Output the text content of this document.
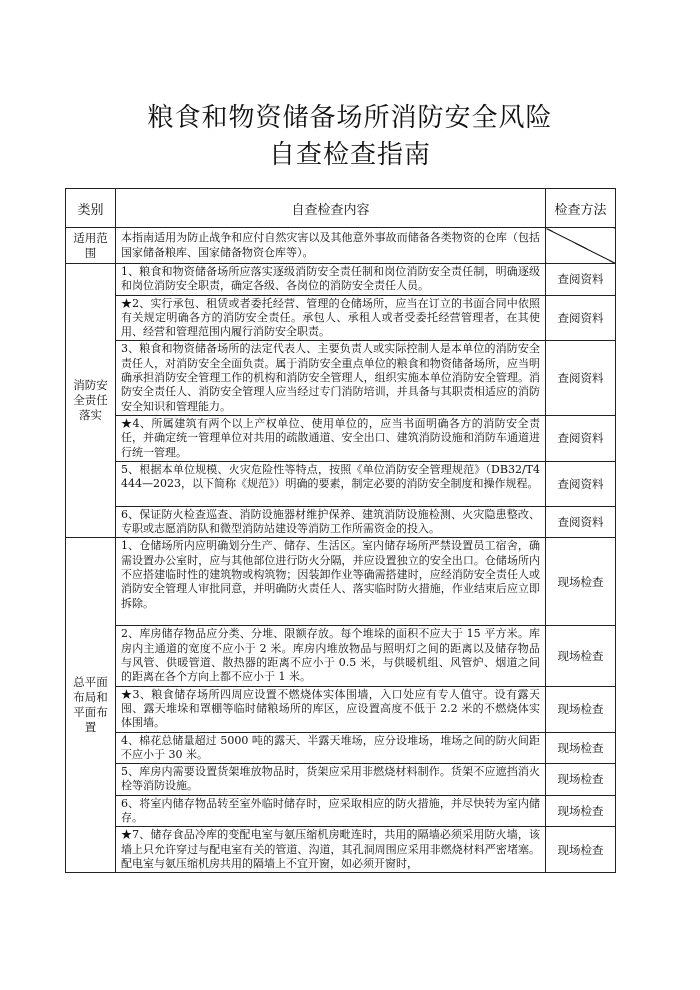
粮食和物资储备场所消防安全风险
自查检查指南
类别	自查检查内容	检查方法
适用范围	本指南适用为防止战争和应付自然灾害以及其他意外事故而储备各类物资的仓库（包括国家储备粮库、国家储备物资仓库等）。	
消防安全责任落实	1、粮食和物资储备场所应落实逐级消防安全责任制和岗位消防安全责任制，明确逐级和岗位消防安全职责，确定各级、各岗位的消防安全责任人员。	查阅资料
	★2、实行承包、租赁或者委托经营、管理的仓储场所，应当在订立的书面合同中依照有关规定明确各方的消防安全责任。承包人、承租人或者受委托经营管理者，在其使用、经营和管理范围内履行消防安全职责。	查阅资料
	3、粮食和物资储备场所的法定代表人、主要负责人或实际控制人是本单位的消防安全责任人，对消防安全全面负责。属于消防安全重点单位的粮食和物资储备场所，应当明确承担消防安全管理工作的机构和消防安全管理人，组织实施本单位消防安全管理。消防安全责任人、消防安全管理人应当经过专门消防培训，并具备与其职责相适应的消防安全知识和管理能力。	查阅资料
	★4、所属建筑有两个以上产权单位、使用单位的，应当书面明确各方的消防安全责任，并确定统一管理单位对共用的疏散通道、安全出口、建筑消防设施和消防车通道进行统一管理。	查阅资料
	5、根据本单位规模、火灾危险性等特点，按照《单位消防安全管理规范》（DB32/T4444—2023，以下简称《规范》）明确的要素，制定必要的消防安全制度和操作规程。	查阅资料
	6、保证防火检查巡查、消防设施器材维护保养、建筑消防设施检测、火灾隐患整改、专职或志愿消防队和微型消防站建设等消防工作所需资金的投入。	查阅资料
总平面布局和平面布置	1、仓储场所内应明确划分生产、储存、生活区。室内储存场所严禁设置员工宿舍，确需设置办公室时，应与其他部位进行防火分隔，并应设置独立的安全出口。仓储场所内不应搭建临时性的建筑物或构筑物；因装卸作业等确需搭建时，应经消防安全责任人或消防安全管理人审批同意，并明确防火责任人、落实临时防火措施，作业结束后应立即拆除。	现场检查
	2、库房储存物品应分类、分堆、限额存放。每个堆垛的面积不应大于 15 平方米。库房内主通道的宽度不应小于 2 米。库房内堆放物品与照明灯之间的距离以及储存物品与风管、供暖管道、散热器的距离不应小于 0.5 米，与供暖机组、风管炉、烟道之间的距离在各个方向上都不应小于 1 米。	现场检查
	★3、粮食储存场所四周应设置不燃烧体实体围墙，入口处应有专人值守。设有露天囤、露天堆垛和罩棚等临时储粮场所的库区，应设置高度不低于 2.2 米的不燃烧体实体围墙。	现场检查
	4、棉花总储量超过 5000 吨的露天、半露天堆场，应分设堆场，堆场之间的防火间距不应小于 30 米。	现场检查
	5、库房内需要设置货架堆放物品时，货架应采用非燃烧材料制作。货架不应遮挡消火栓等消防设施。	现场检查
	6、将室内储存物品转至室外临时储存时，应采取相应的防火措施，并尽快转为室内储存。	现场检查
	★7、储存食品冷库的变配电室与氨压缩机房毗连时，共用的隔墙必须采用防火墙，该墙上只允许穿过与配电室有关的管道、沟道，其孔洞周围应采用非燃烧材料严密堵塞。配电室与氨压缩机房共用的隔墙上不宜开窗，如必须开窗时，	现场检查
